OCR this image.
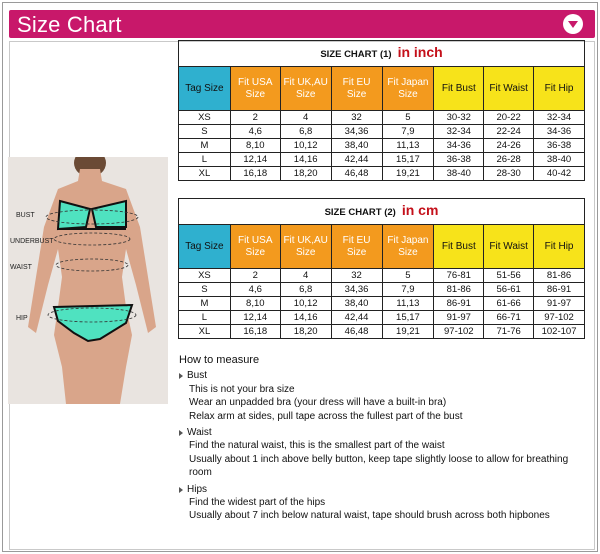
Size Chart
BUST
UNDERBUST
WAIST
HIP
SIZE CHART (1) in inch							
Tag Size	Fit USA Size	Fit UK,AU Size	Fit EU Size	Fit Japan Size	Fit Bust	Fit Waist	Fit Hip
XS	2	4	32	5	30-32	20-22	32-34
S	4,6	6,8	34,36	7,9	32-34	22-24	34-36
M	8,10	10,12	38,40	11,13	34-36	24-26	36-38
L	12,14	14,16	42,44	15,17	36-38	26-28	38-40
XL	16,18	18,20	46,48	19,21	38-40	28-30	40-42
SIZE CHART (2) in cm							
Tag Size	Fit USA Size	Fit UK,AU Size	Fit EU Size	Fit Japan Size	Fit Bust	Fit Waist	Fit Hip
XS	2	4	32	5	76-81	51-56	81-86
S	4,6	6,8	34,36	7,9	81-86	56-61	86-91
M	8,10	10,12	38,40	11,13	86-91	61-66	91-97
L	12,14	14,16	42,44	15,17	91-97	66-71	97-102
XL	16,18	18,20	46,48	19,21	97-102	71-76	102-107
How to measure
Bust
This is not your bra size
Wear an unpadded bra (your dress will have a built-in bra)
Relax arm at sides, pull tape across the fullest part of the bust
Waist
Find the natural waist, this is the smallest part of the waist
Usually about 1 inch above belly button, keep tape slightly loose to allow for breathing room
Hips
Find the widest part of the hips
Usually about 7 inch below natural waist, tape should brush across both hipbones
